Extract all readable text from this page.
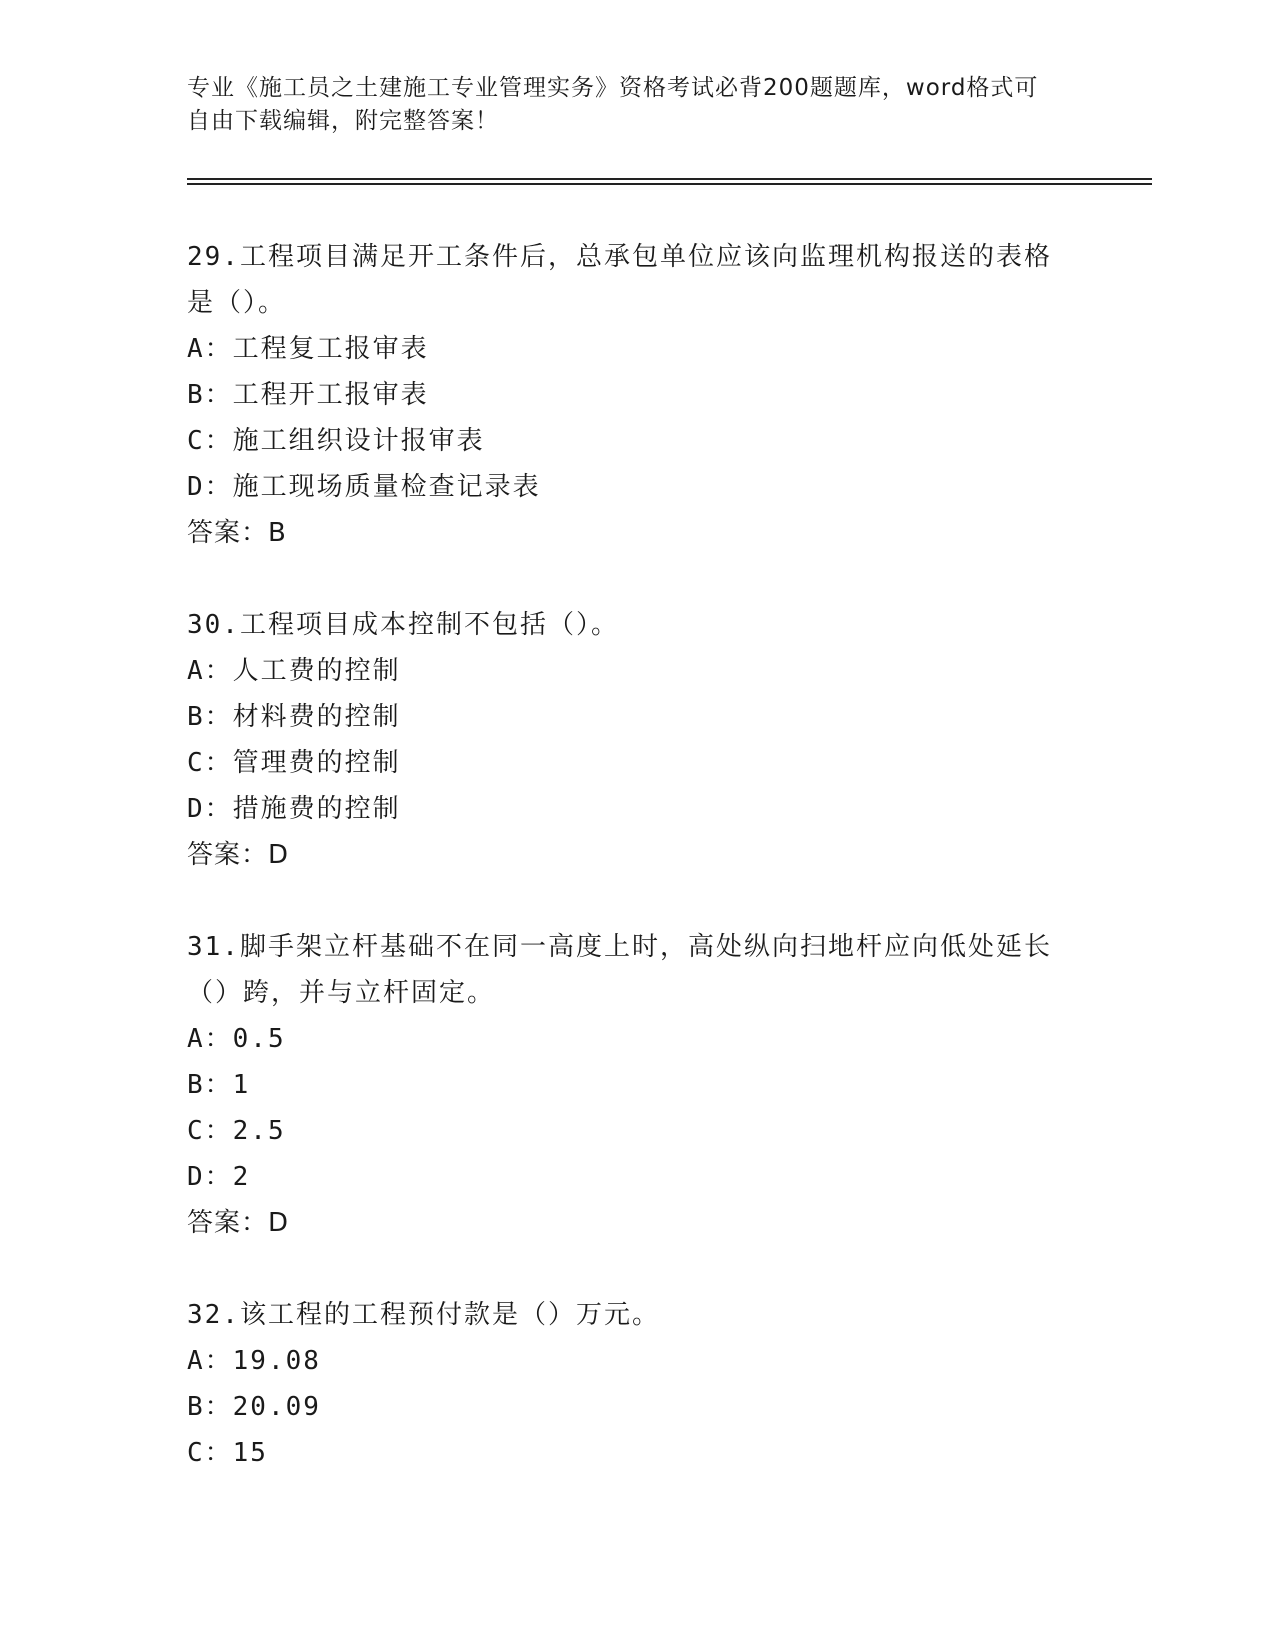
专业《施工员之土建施工专业管理实务》资格考试必背200题题库，word格式可
自由下载编辑，附完整答案！
29.工程项目满足开工条件后，总承包单位应该向监理机构报送的表格
是（）。
A：工程复工报审表
B：工程开工报审表
C：施工组织设计报审表
D：施工现场质量检查记录表
答案：B
30.工程项目成本控制不包括（）。
A：人工费的控制
B：材料费的控制
C：管理费的控制
D：措施费的控制
答案：D
31.脚手架立杆基础不在同一高度上时，高处纵向扫地杆应向低处延长
（）跨，并与立杆固定。
A：0.5
B：1
C：2.5
D：2
答案：D
32.该工程的工程预付款是（）万元。
A：19.08
B：20.09
C：15
